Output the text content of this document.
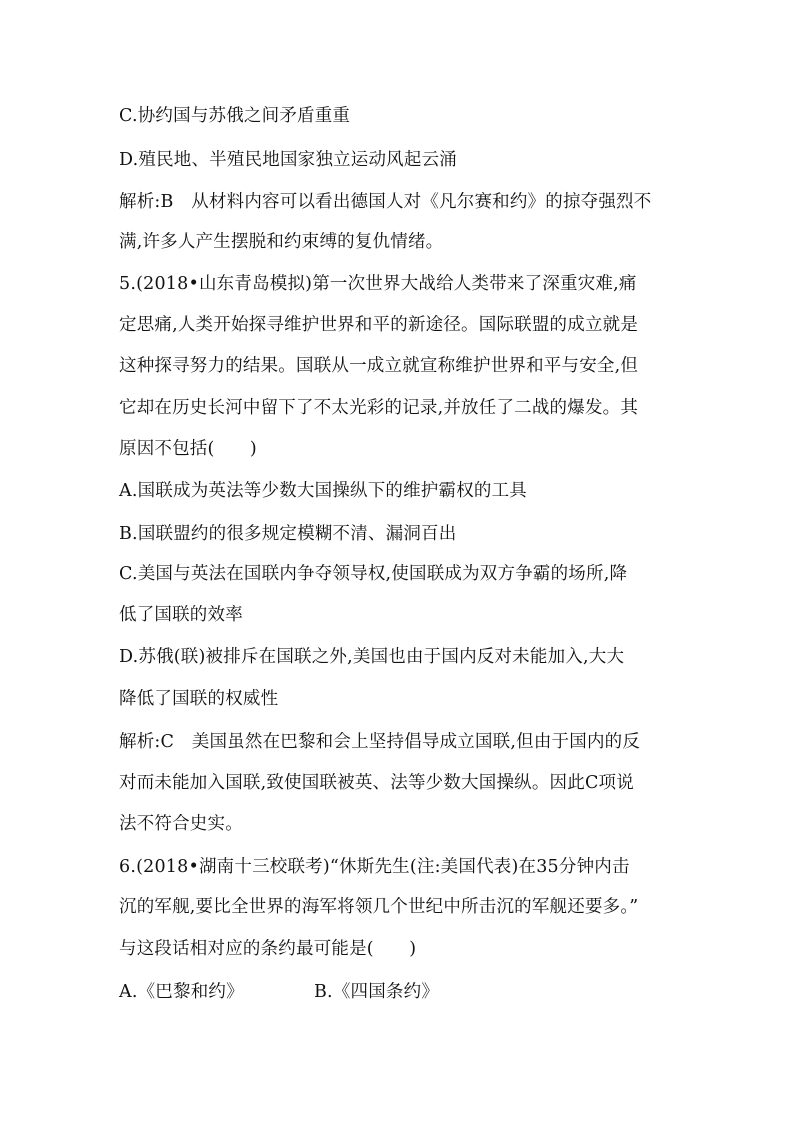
C.协约国与苏俄之间矛盾重重
D.殖民地、半殖民地国家独立运动风起云涌
解析:B　从材料内容可以看出德国人对《凡尔赛和约》的掠夺强烈不
满,许多人产生摆脱和约束缚的复仇情绪。
5.(2018•山东青岛模拟)第一次世界大战给人类带来了深重灾难,痛
定思痛,人类开始探寻维护世界和平的新途径。国际联盟的成立就是
这种探寻努力的结果。国联从一成立就宣称维护世界和平与安全,但
它却在历史长河中留下了不太光彩的记录,并放任了二战的爆发。其
原因不包括(　　)
A.国联成为英法等少数大国操纵下的维护霸权的工具
B.国联盟约的很多规定模糊不清、漏洞百出
C.美国与英法在国联内争夺领导权,使国联成为双方争霸的场所,降
低了国联的效率
D.苏俄(联)被排斥在国联之外,美国也由于国内反对未能加入,大大
降低了国联的权威性
解析:C　美国虽然在巴黎和会上坚持倡导成立国联,但由于国内的反
对而未能加入国联,致使国联被英、法等少数大国操纵。因此C项说
法不符合史实。
6.(2018•湖南十三校联考)“休斯先生(注:美国代表)在35分钟内击
沉的军舰,要比全世界的海军将领几个世纪中所击沉的军舰还要多。”
与这段话相对应的条约最可能是(　　)
A.《巴黎和约》	B.《四国条约》
